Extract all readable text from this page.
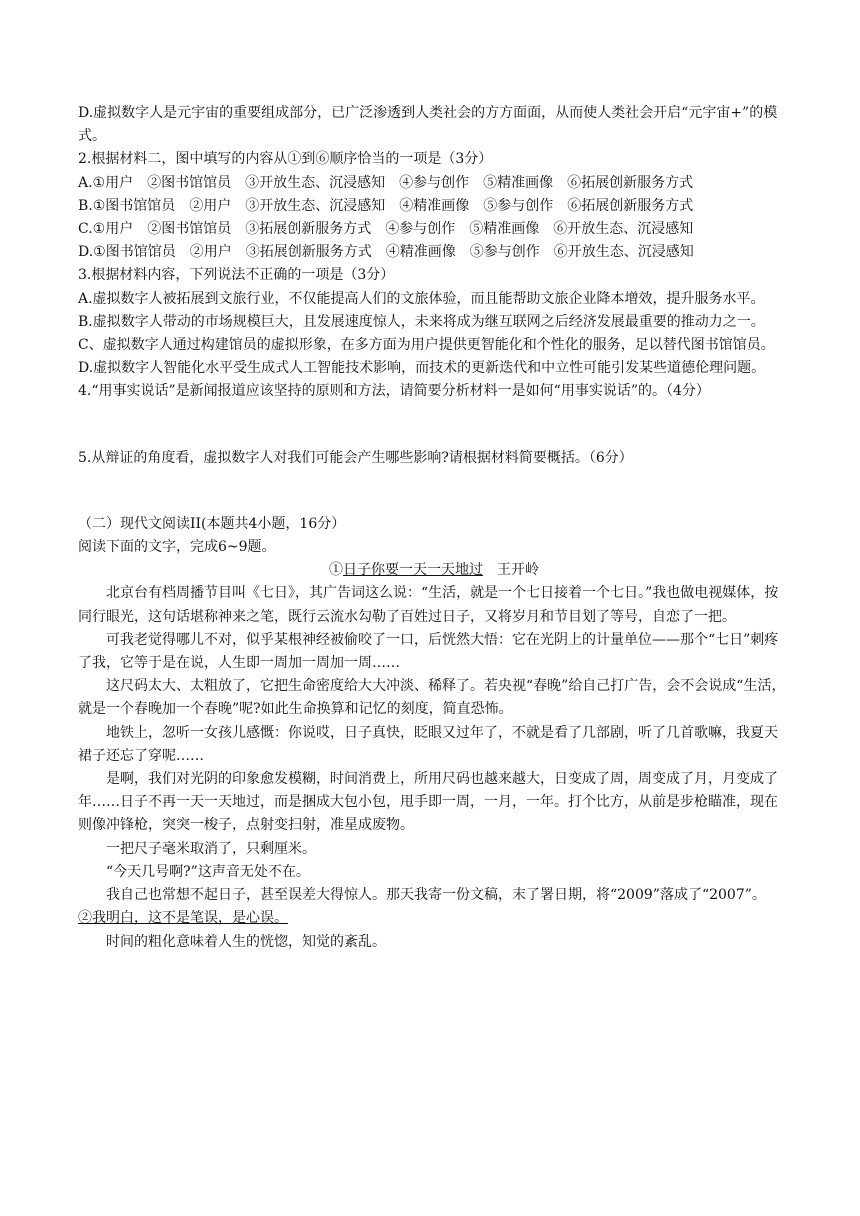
D.虚拟数字人是元宇宙的重要组成部分，已广泛渗透到人类社会的方方面面，从而使人类社会开启“元宇宙+”的模式。

2.根据材料二，图中填写的内容从①到⑥顺序恰当的一项是（3分）

A.①用户 ②图书馆馆员 ③开放生态、沉浸感知 ④参与创作 ⑤精准画像 ⑥拓展创新服务方式

B.①图书馆馆员 ②用户 ③开放生态、沉浸感知 ④精准画像 ⑤参与创作 ⑥拓展创新服务方式

C.①用户 ②图书馆馆员 ③拓展创新服务方式 ④参与创作 ⑤精准画像 ⑥开放生态、沉浸感知

D.①图书馆馆员 ②用户 ③拓展创新服务方式 ④精准画像 ⑤参与创作 ⑥开放生态、沉浸感知

3.根据材料内容，下列说法不正确的一项是（3分）

A.虚拟数字人被拓展到文旅行业，不仅能提高人们的文旅体验，而且能帮助文旅企业降本增效，提升服务水平。

B.虚拟数字人带动的市场规模巨大，且发展速度惊人，未来将成为继互联网之后经济发展最重要的推动力之一。

C、虚拟数字人通过构建馆员的虚拟形象，在多方面为用户提供更智能化和个性化的服务，足以替代图书馆馆员。

D.虚拟数字人智能化水平受生成式人工智能技术影响，而技术的更新迭代和中立性可能引发某些道德伦理问题。

4.“用事实说话”是新闻报道应该坚持的原则和方法，请简要分析材料一是如何“用事实说话”的。（4分）

5.从辩证的角度看，虚拟数字人对我们可能会产生哪些影响?请根据材料简要概括。（6分）

（二）现代文阅读II(本题共4小题，16分）

阅读下面的文字，完成6~9题。

①日子你要一天一天地过 王开岭

北京台有档周播节目叫《七日》，其广告词这么说：“生活，就是一个七日接着一个七日。”我也做电视媒体，按同行眼光，这句话堪称神来之笔，既行云流水勾勒了百姓过日子，又将岁月和节目划了等号，自恋了一把。

可我老觉得哪儿不对，似乎某根神经被偷咬了一口，后恍然大悟：它在光阴上的计量单位——那个“七日”刺疼了我，它等于是在说，人生即一周加一周加一周……

这尺码太大、太粗放了，它把生命密度给大大冲淡、稀释了。若央视“春晚”给自己打广告，会不会说成“生活，就是一个春晚加一个春晚”呢?如此生命换算和记忆的刻度，简直恐怖。

地铁上，忽听一女孩儿感慨：你说哎，日子真快，眨眼又过年了，不就是看了几部剧，听了几首歌嘛，我夏天裙子还忘了穿呢……

是啊，我们对光阴的印象愈发模糊，时间消费上，所用尺码也越来越大，日变成了周，周变成了月，月变成了年……日子不再一天一天地过，而是捆成大包小包，甩手即一周，一月，一年。打个比方，从前是步枪瞄准，现在则像冲锋枪，突突一梭子，点射变扫射，准星成废物。

一把尺子毫米取消了，只剩厘米。

“今天几号啊?”这声音无处不在。

我自己也常想不起日子，甚至误差大得惊人。那天我寄一份文稿，末了署日期，将“2009”落成了“2007”。

②我明白，这不是笔误，是心误。

时间的粗化意味着人生的恍惚，知觉的紊乱。
